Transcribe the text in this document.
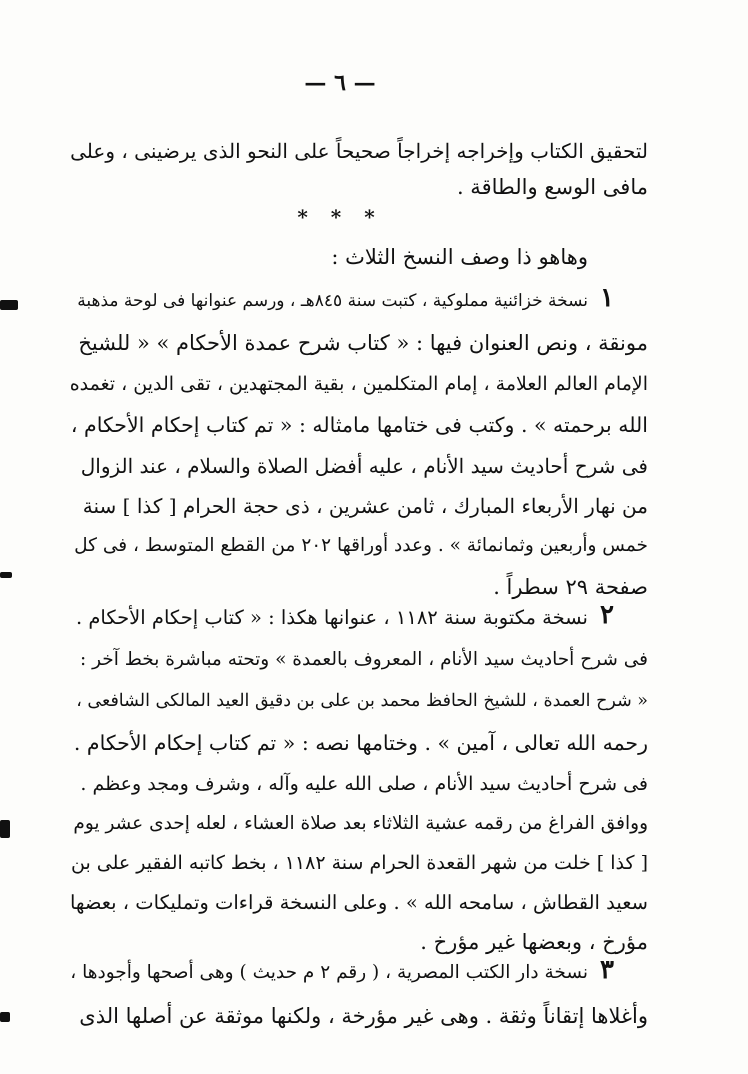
— ٦ —
لتحقيق الكتاب وإخراجه إخراجاً صحيحاً على النحو الذى يرضينى ، وعلى
مافى الوسع والطاقة .
* * *
وهاهو ذا وصف النسخ الثلاث :
١
نسخة خزائنية مملوكية ، كتبت سنة ٨٤٥هـ ، ورسم عنوانها فى لوحة مذهبة
مونقة ، ونص العنوان فيها : « كتاب شرح عمدة الأحكام » « للشيخ
الإمام العالم العلامة ، إمام المتكلمين ، بقية المجتهدين ، تقى الدين ، تغمده
الله برحمته » . وكتب فى ختامها مامثاله : « تم كتاب إحكام الأحكام ،
فى شرح أحاديث سيد الأنام ، عليه أفضل الصلاة والسلام ، عند الزوال
من نهار الأربعاء المبارك ، ثامن عشرين ، ذى حجة الحرام [ كذا ] سنة
خمس وأربعين وثمانمائة » . وعدد أوراقها ٢٠٢ من القطع المتوسط ، فى كل
صفحة ٢٩ سطراً .
٢
نسخة مكتوبة سنة ١١٨٢ ، عنوانها هكذا : « كتاب إحكام الأحكام .
فى شرح أحاديث سيد الأنام ، المعروف بالعمدة » وتحته مباشرة بخط آخر :
« شرح العمدة ، للشيخ الحافظ محمد بن على بن دقيق العيد المالكى الشافعى ،
رحمه الله تعالى ، آمين » . وختامها نصه : « تم كتاب إحكام الأحكام .
فى شرح أحاديث سيد الأنام ، صلى الله عليه وآله ، وشرف ومجد وعظم .
ووافق الفراغ من رقمه عشية الثلاثاء بعد صلاة العشاء ، لعله إحدى عشر يوم
[ كذا ] خلت من شهر القعدة الحرام سنة ١١٨٢ ، بخط كاتبه الفقير على بن
سعيد القطاش ، سامحه الله » . وعلى النسخة قراءات وتمليكات ، بعضها
مؤرخ ، وبعضها غير مؤرخ .
٣
نسخة دار الكتب المصرية ، ( رقم ٢ م حديث ) وهى أصحها وأجودها ،
وأغلاها إتقاناً وثقة . وهى غير مؤرخة ، ولكنها موثقة عن أصلها الذى
